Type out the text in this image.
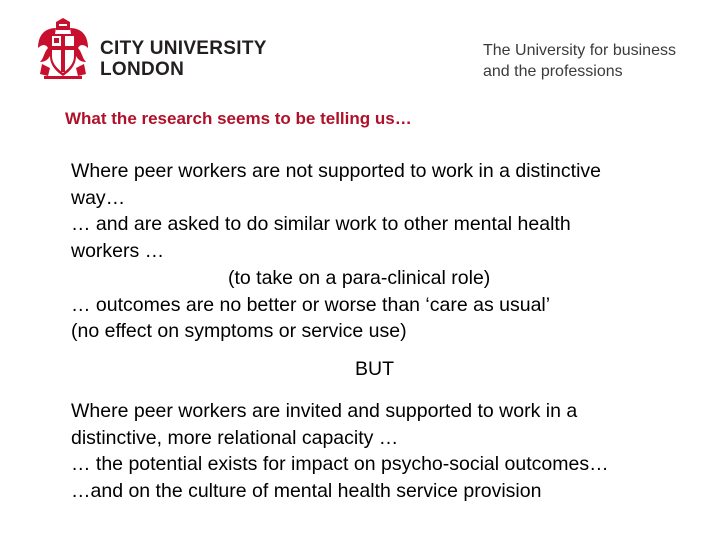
CITY UNIVERSITY
LONDON
The University for business
and the professions
What the research seems to be telling us…
Where peer workers are not supported to work in a distinctive
way…
… and are asked to do similar work to other mental health
workers …
(to take on a para-clinical role)
… outcomes are no better or worse than ‘care as usual’
(no effect on symptoms or service use)
BUT
Where peer workers are invited and supported to work in a
distinctive, more relational capacity …
… the potential exists for impact on psycho-social outcomes…
…and on the culture of mental health service provision
